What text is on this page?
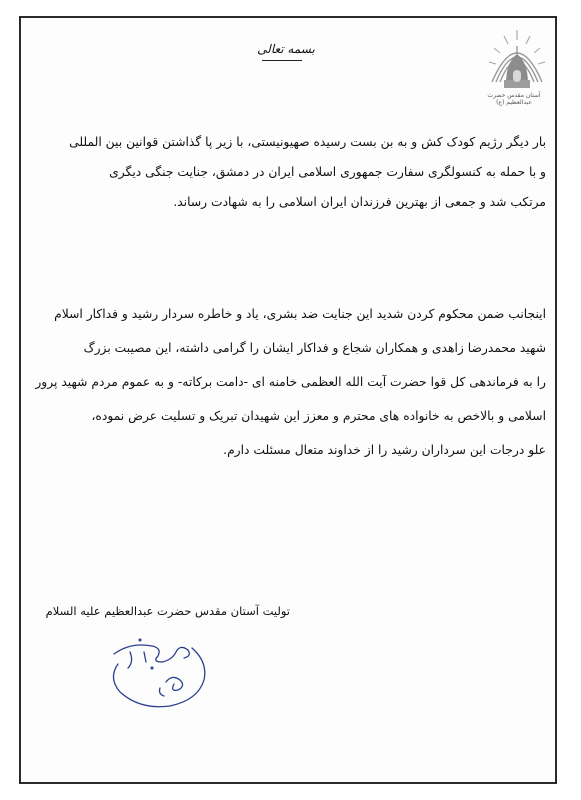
آستان مقدس حضرت عبدالعظیم (ع)
بسمه تعالی
بار دیگر رژیم کودک کش و به بن بست رسیده صهیونیستی، با زیر پا گذاشتن قوانین بین المللی
و با حمله به کنسولگری سفارت جمهوری اسلامی ایران در دمشق، جنایت جنگی دیگری
مرتکب شد و جمعی از بهترین فرزندان ایران اسلامی را به شهادت رساند.
اینجانب ضمن محکوم کردن شدید این جنایت ضد بشری، یاد و خاطره سردار رشید و فداکار اسلام
شهید محمدرضا زاهدی و همکاران شجاع و فداکار ایشان را گرامی داشته، این مصیبت بزرگ
را به فرماندهی کل قوا حضرت آیت الله العظمی خامنه ای -دامت برکاته- و به عموم مردم شهید پرور
اسلامی و بالاخص به خانواده های محترم و معزز این شهیدان تبریک و تسلیت عرض نموده،
علو درجات این سرداران رشید را از خداوند متعال مسئلت دارم.
تولیت آستان مقدس حضرت عبدالعظیم علیه السلام
